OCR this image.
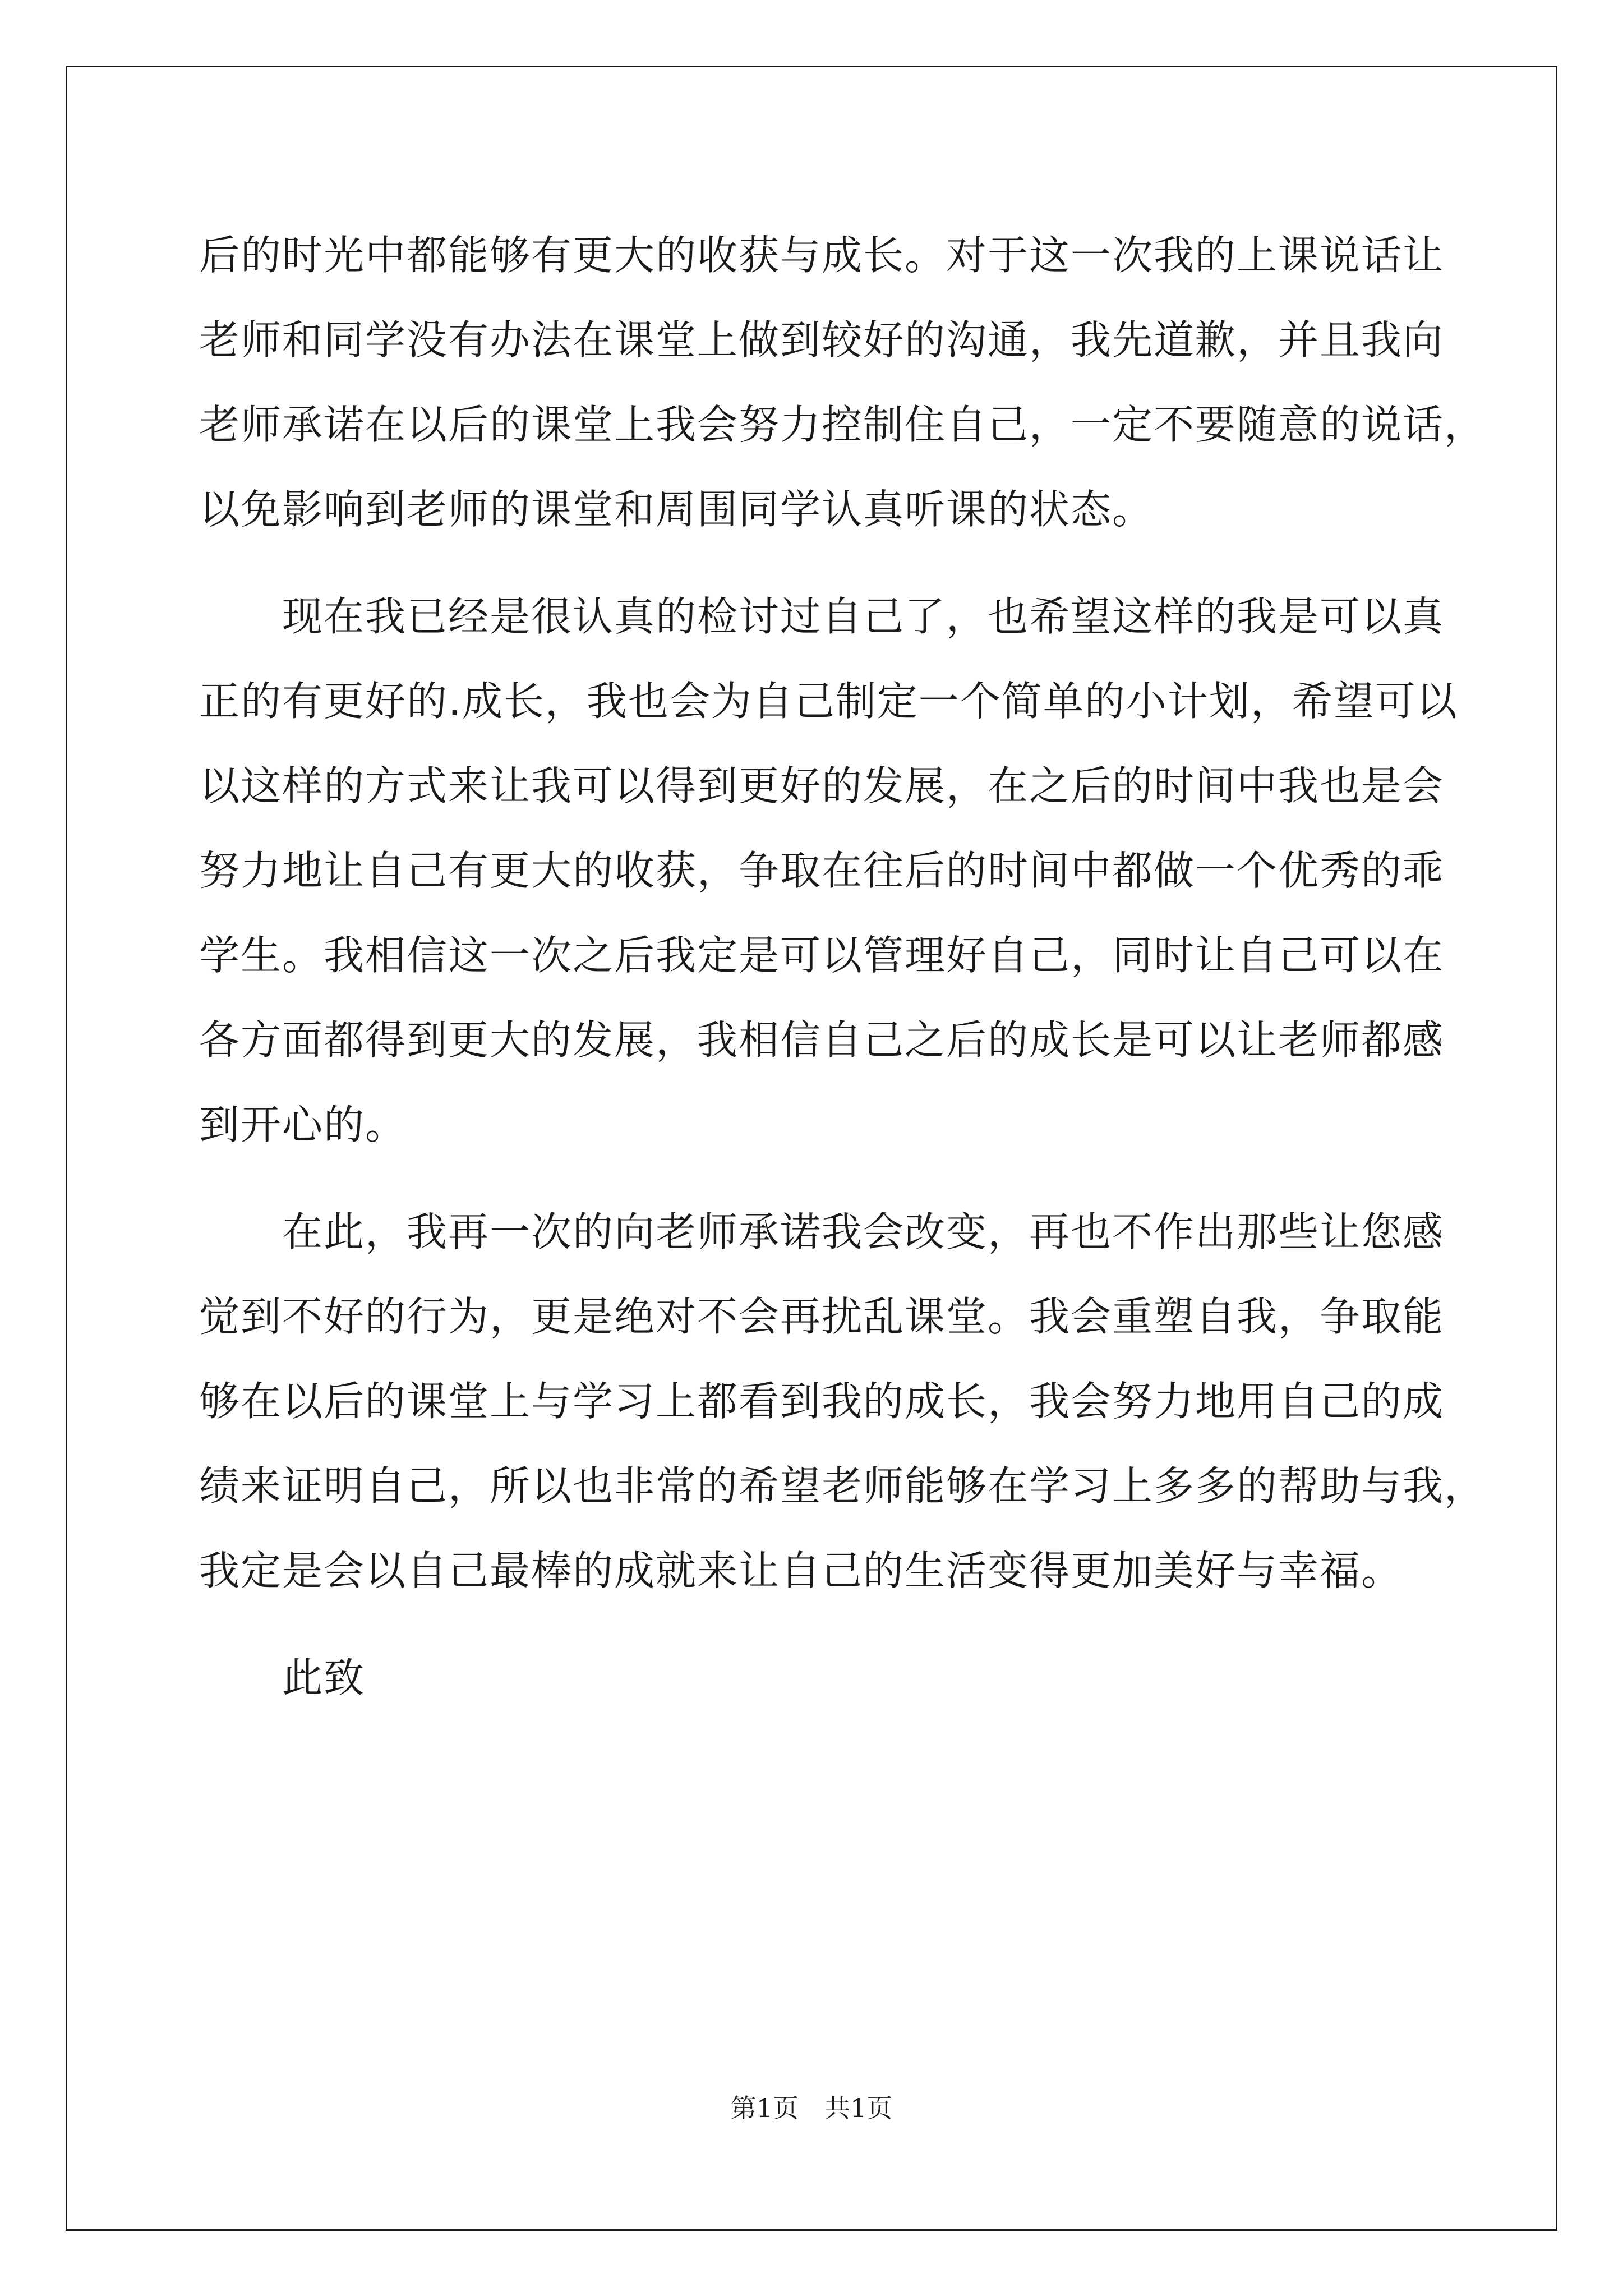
后的时光中都能够有更大的收获与成长。对于这一次我的上课说话让
老师和同学没有办法在课堂上做到较好的沟通，我先道歉，并且我向
老师承诺在以后的课堂上我会努力控制住自己，一定不要随意的说话，
以免影响到老师的课堂和周围同学认真听课的状态。
　　现在我已经是很认真的检讨过自己了，也希望这样的我是可以真
正的有更好的.成长，我也会为自己制定一个简单的小计划，希望可以
以这样的方式来让我可以得到更好的发展，在之后的时间中我也是会
努力地让自己有更大的收获，争取在往后的时间中都做一个优秀的乖
学生。我相信这一次之后我定是可以管理好自己，同时让自己可以在
各方面都得到更大的发展，我相信自己之后的成长是可以让老师都感
到开心的。
　　在此，我再一次的向老师承诺我会改变，再也不作出那些让您感
觉到不好的行为，更是绝对不会再扰乱课堂。我会重塑自我，争取能
够在以后的课堂上与学习上都看到我的成长，我会努力地用自己的成
绩来证明自己，所以也非常的希望老师能够在学习上多多的帮助与我，
我定是会以自己最棒的成就来让自己的生活变得更加美好与幸福。
　　此致
第1页　共1页
